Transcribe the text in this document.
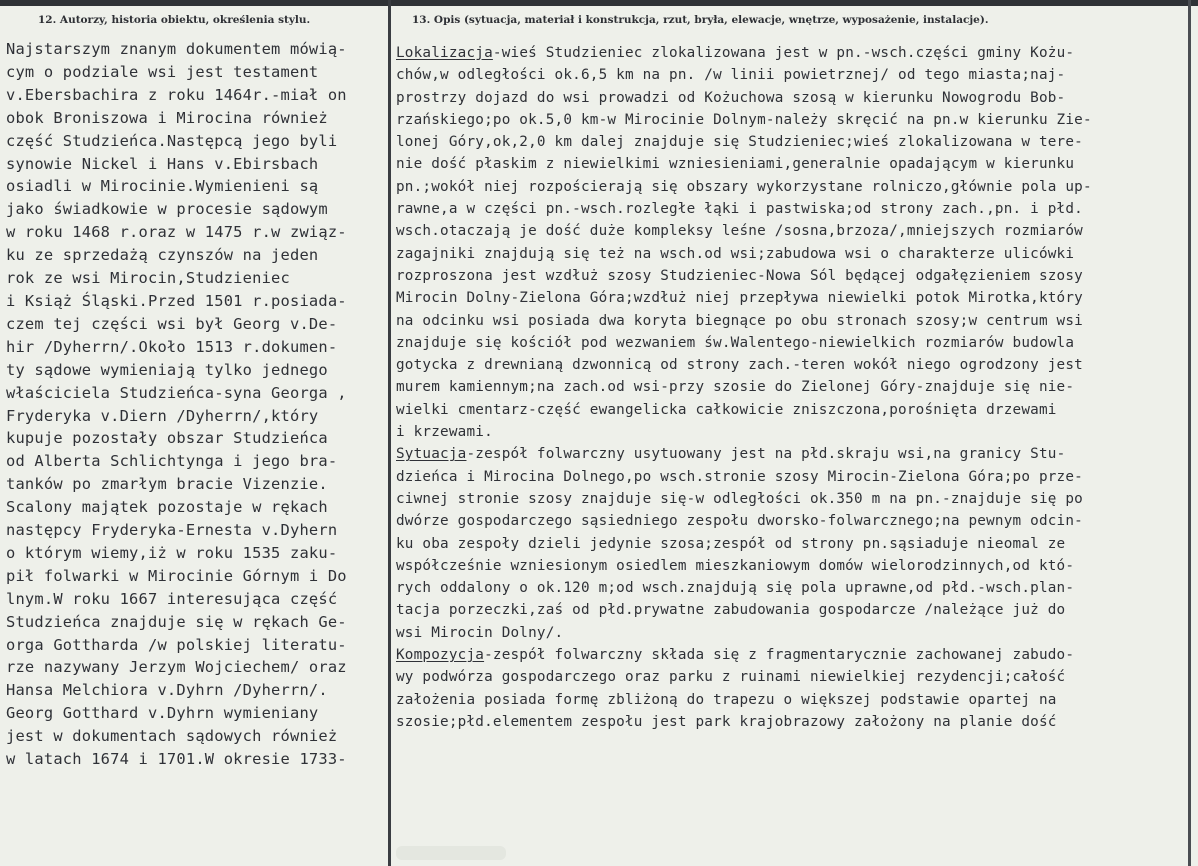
12. Autorzy, historia obiektu, określenia stylu.	13. Opis (sytuacja, materiał i konstrukcja, rzut, bryła, elewacje, wnętrze, wyposażenie, instalacje).
Najstarszym znanym dokumentem mówią-
cym o podziale wsi jest testament
v.Ebersbachira z roku 1464r.-miał on
obok Broniszowa i Mirocina również
część Studzieńca.Następcą jego byli
synowie Nickel i Hans v.Ebirsbach
osiadli w Mirocinie.Wymienieni są
jako świadkowie w procesie sądowym
w roku 1468 r.oraz w 1475 r.w związ-
ku ze sprzedażą czynszów na jeden
rok ze wsi Mirocin,Studzieniec
i Książ Śląski.Przed 1501 r.posiada-
czem tej części wsi był Georg v.De-
hir /Dyherrn/.Około 1513 r.dokumen-
ty sądowe wymieniają tylko jednego
właściciela Studzieńca-syna Georga ,
Fryderyka v.Diern /Dyherrn/,który
kupuje pozostały obszar Studzieńca
od Alberta Schlichtynga i jego bra-
tanków po zmarłym bracie Vizenzie.
Scalony majątek pozostaje w rękach
następcy Fryderyka-Ernesta v.Dyhern
o którym wiemy,iż w roku 1535 zaku-
pił folwarki w Mirocinie Górnym i Do
lnym.W roku 1667 interesująca część
Studzieńca znajduje się w rękach Ge-
orga Gottharda /w polskiej literatu-
rze nazywany Jerzym Wojciechem/ oraz
Hansa Melchiora v.Dyhrn /Dyherrn/.
Georg Gotthard v.Dyhrn wymieniany
jest w dokumentach sądowych również
w latach 1674 i 1701.W okresie 1733-
Lokalizacja-wieś Studzieniec zlokalizowana jest w pn.-wsch.części gminy Kożu-
chów,w odległości ok.6,5 km na pn. /w linii powietrznej/ od tego miasta;naj-
prostrzy dojazd do wsi prowadzi od Kożuchowa szosą w kierunku Nowogrodu Bob-
rzańskiego;po ok.5,0 km-w Mirocinie Dolnym-należy skręcić na pn.w kierunku Zie-
lonej Góry,ok,2,0 km dalej znajduje się Studzieniec;wieś zlokalizowana w tere-
nie dość płaskim z niewielkimi wzniesieniami,generalnie opadającym w kierunku
pn.;wokół niej rozpościerają się obszary wykorzystane rolniczo,głównie pola up-
rawne,a w części pn.-wsch.rozległe łąki i pastwiska;od strony zach.,pn. i płd.
wsch.otaczają je dość duże kompleksy leśne /sosna,brzoza/,mniejszych rozmiarów
zagajniki znajdują się też na wsch.od wsi;zabudowa wsi o charakterze ulicówki
rozproszona jest wzdłuż szosy Studzieniec-Nowa Sól będącej odgałęzieniem szosy
Mirocin Dolny-Zielona Góra;wzdłuż niej przepływa niewielki potok Mirotka,który
na odcinku wsi posiada dwa koryta biegnące po obu stronach szosy;w centrum wsi
znajduje się kościół pod wezwaniem św.Walentego-niewielkich rozmiarów budowla
gotycka z drewnianą dzwonnicą od strony zach.-teren wokół niego ogrodzony jest
murem kamiennym;na zach.od wsi-przy szosie do Zielonej Góry-znajduje się nie-
wielki cmentarz-część ewangelicka całkowicie zniszczona,porośnięta drzewami
i krzewami.
Sytuacja-zespół folwarczny usytuowany jest na płd.skraju wsi,na granicy Stu-
dzieńca i Mirocina Dolnego,po wsch.stronie szosy Mirocin-Zielona Góra;po prze-
ciwnej stronie szosy znajduje się-w odległości ok.350 m na pn.-znajduje się po
dwórze gospodarczego sąsiedniego zespołu dworsko-folwarcznego;na pewnym odcin-
ku oba zespoły dzieli jedynie szosa;zespół od strony pn.sąsiaduje nieomal ze
współcześnie wzniesionym osiedlem mieszkaniowym domów wielorodzinnych,od któ-
rych oddalony o ok.120 m;od wsch.znajdują się pola uprawne,od płd.-wsch.plan-
tacja porzeczki,zaś od płd.prywatne zabudowania gospodarcze /należące już do
wsi Mirocin Dolny/.
Kompozycja-zespół folwarczny składa się z fragmentarycznie zachowanej zabudo-
wy podwórza gospodarczego oraz parku z ruinami niewielkiej rezydencji;całość
założenia posiada formę zbliżoną do trapezu o większej podstawie opartej na
szosie;płd.elementem zespołu jest park krajobrazowy założony na planie dość
